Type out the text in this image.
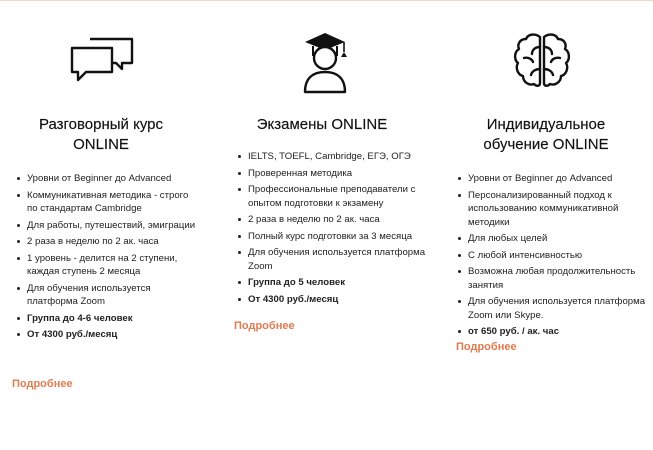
Разговорный курс
ONLINE
Уровни от Beginner до Advanced
Коммуникативная методика - строго по стандартам Cambridge
Для работы, путешествий, эмиграции
2 раза в неделю по 2 ак. часа
1 уровень - делится на 2 ступени, каждая ступень 2 месяца
Для обучения используется платформа Zoom
Группа до 4-6 человек
От 4300 руб./месяц
Подробнее
Экзамены ONLINE
IELTS, TOEFL, Cambridge, ЕГЭ, ОГЭ
Проверенная методика
Профессиональные преподаватели с опытом подготовки к экзамену
2 раза в неделю по 2 ак. часа
Полный курс подготовки за 3 месяца
Для обучения используется платформа Zoom
Группа до 5 человек
От 4300 руб./месяц
Подробнее
Индивидуальное
обучение ONLINE
Уровни от Beginner до Advanced
Персонализированный подход к использованию коммуникативной методики
Для любых целей
С любой интенсивностью
Возможна любая продолжительность занятия
Для обучения используется платформа Zoom или Skype.
от 650 руб. / ак. час
Подробнее
